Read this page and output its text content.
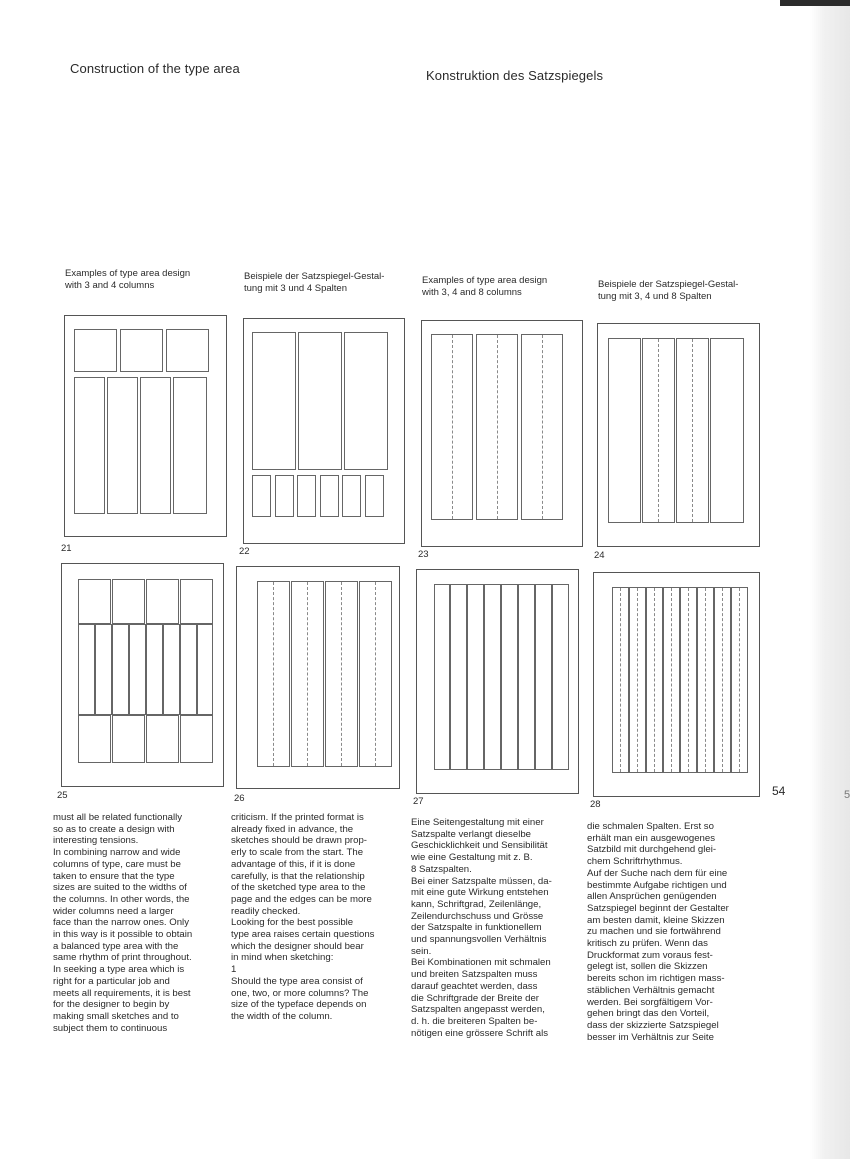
Construction of the type area	Konstruktion des Satzspiegels
Examples of type area design
with 3 and 4 columns
Beispiele der Satzspiegel-Gestal-
tung mit 3 und 4 Spalten
Examples of type area design
with 3, 4 and 8 columns
Beispiele der Satzspiegel-Gestal-
tung mit 3, 4 und 8 Spalten
21	22	23	24
25	26	27	28
must all be related functionally
so as to create a design with
interesting tensions.
In combining narrow and wide
columns of type, care must be
taken to ensure that the type
sizes are suited to the widths of
the columns. In other words, the
wider columns need a larger
face than the narrow ones. Only
in this way is it possible to obtain
a balanced type area with the
same rhythm of print throughout.
In seeking a type area which is
right for a particular job and
meets all requirements, it is best
for the designer to begin by
making small sketches and to
subject them to continuous
criticism. If the printed format is
already fixed in advance, the
sketches should be drawn prop-
erly to scale from the start. The
advantage of this, if it is done
carefully, is that the relationship
of the sketched type area to the
page and the edges can be more
readily checked.
Looking for the best possible
type area raises certain questions
which the designer should bear
in mind when sketching:
1
Should the type area consist of
one, two, or more columns? The
size of the typeface depends on
the width of the column.
Eine Seitengestaltung mit einer
Satzspalte verlangt dieselbe
Geschicklichkeit und Sensibilität
wie eine Gestaltung mit z. B.
8 Satzspalten.
Bei einer Satzspalte müssen, da-
mit eine gute Wirkung entstehen
kann, Schriftgrad, Zeilenlänge,
Zeilendurchschuss und Grösse
der Satzspalte in funktionellem
und spannungsvollen Verhältnis
sein.
Bei Kombinationen mit schmalen
und breiten Satzspalten muss
darauf geachtet werden, dass
die Schriftgrade der Breite der
Satzspalten angepasst werden,
d. h. die breiteren Spalten be-
nötigen eine grössere Schrift als
die schmalen Spalten. Erst so
erhält man ein ausgewogenes
Satzbild mit durchgehend glei-
chem Schriftrhythmus.
Auf der Suche nach dem für eine
bestimmte Aufgabe richtigen und
allen Ansprüchen genügenden
Satzspiegel beginnt der Gestalter
am besten damit, kleine Skizzen
zu machen und sie fortwährend
kritisch zu prüfen. Wenn das
Druckformat zum voraus fest-
gelegt ist, sollen die Skizzen
bereits schon im richtigen mass-
stäblichen Verhältnis gemacht
werden. Bei sorgfältigem Vor-
gehen bringt das den Vorteil,
dass der skizzierte Satzspiegel
besser im Verhältnis zur Seite
54	5
